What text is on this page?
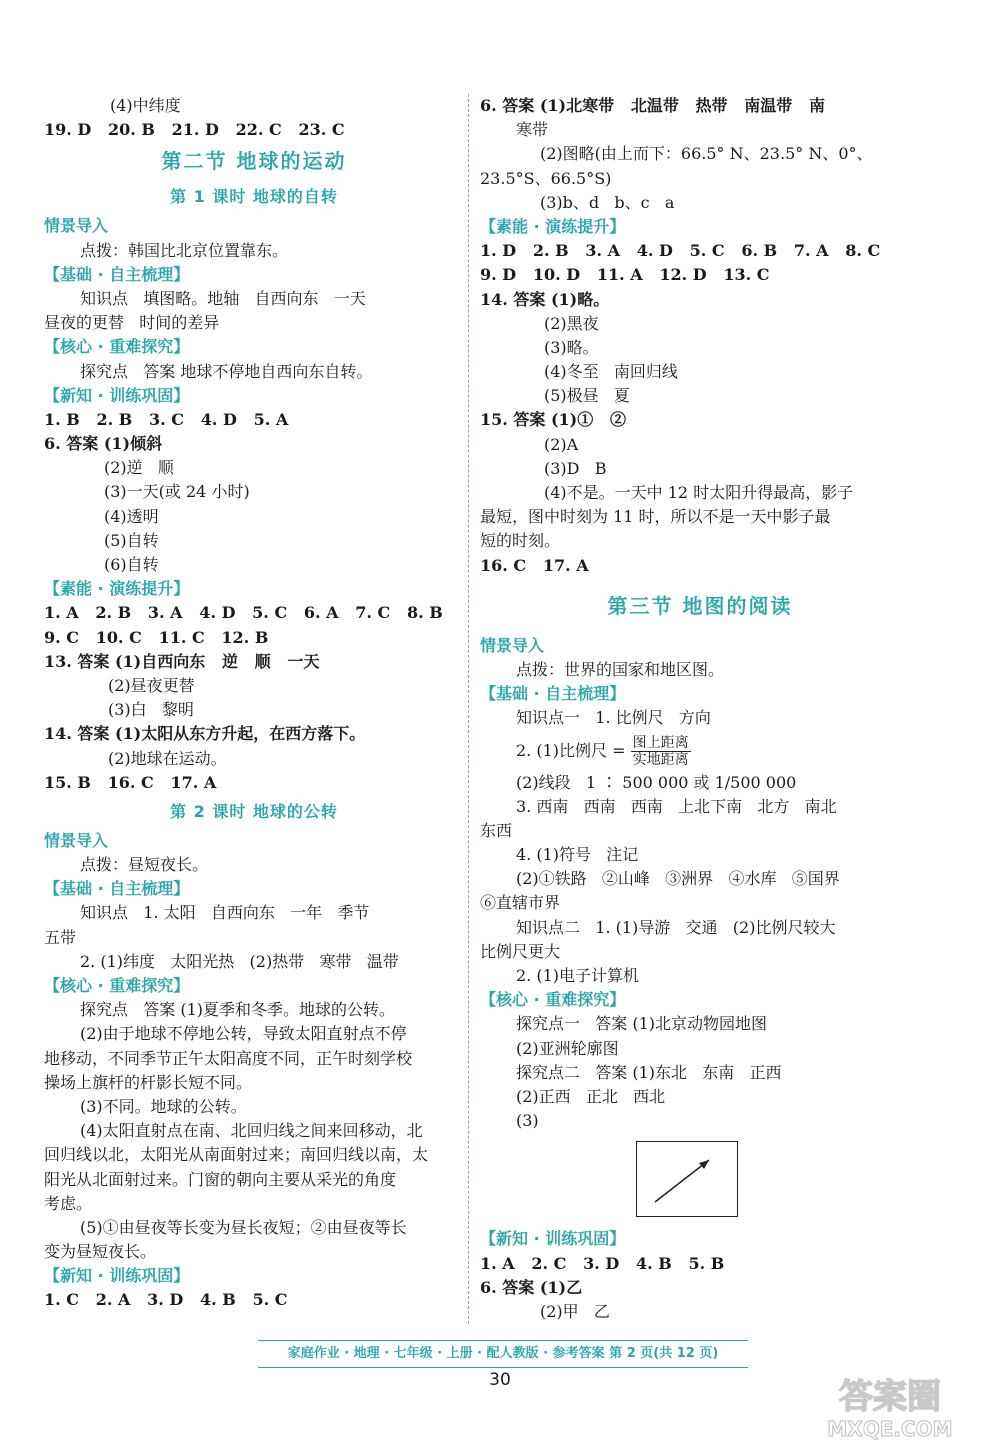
(4)中纬度
19. D   20. B   21. D   22. C   23. C
第二节 地球的运动
第 1 课时 地球的自转
情景导入
点拨：韩国比北京位置靠东。
【基础 · 自主梳理】
知识点   填图略。地轴   自西向东   一天
昼夜的更替   时间的差异
【核心 · 重难探究】
探究点   答案 地球不停地自西向东自转。
【新知 · 训练巩固】
1. B   2. B   3. C   4. D   5. A
6. 答案 (1)倾斜
(2)逆   顺
(3)一天(或 24 小时)
(4)透明
(5)自转
(6)自转
【素能 · 演练提升】
1. A   2. B   3. A   4. D   5. C   6. A   7. C   8. B
9. C   10. C   11. C   12. B
13. 答案 (1)自西向东   逆   顺   一天
(2)昼夜更替
(3)白   黎明
14. 答案 (1)太阳从东方升起，在西方落下。
(2)地球在运动。
15. B   16. C   17. A
第 2 课时 地球的公转
情景导入
点拨：昼短夜长。
【基础 · 自主梳理】
知识点   1. 太阳   自西向东   一年   季节
五带
2. (1)纬度   太阳光热   (2)热带   寒带   温带
【核心 · 重难探究】
探究点   答案 (1)夏季和冬季。地球的公转。
(2)由于地球不停地公转，导致太阳直射点不停
地移动，不同季节正午太阳高度不同，正午时刻学校
操场上旗杆的杆影长短不同。
(3)不同。地球的公转。
(4)太阳直射点在南、北回归线之间来回移动，北
回归线以北，太阳光从南面射过来；南回归线以南，太
阳光从北面射过来。门窗的朝向主要从采光的角度
考虑。
(5)①由昼夜等长变为昼长夜短；②由昼夜等长
变为昼短夜长。
【新知 · 训练巩固】
1. C   2. A   3. D   4. B   5. C
6. 答案 (1)北寒带   北温带   热带   南温带   南
寒带
(2)图略(由上而下：66.5° N、23.5° N、0°、
23.5°S、66.5°S)
(3)b、d   b、c   a
【素能 · 演练提升】
1. D   2. B   3. A   4. D   5. C   6. B   7. A   8. C
9. D   10. D   11. A   12. D   13. C
14. 答案 (1)略。
(2)黑夜
(3)略。
(4)冬至   南回归线
(5)极昼   夏
15. 答案 (1)①   ②
(2)A
(3)D   B
(4)不是。一天中 12 时太阳升得最高，影子
最短，图中时刻为 11 时，所以不是一天中影子最
短的时刻。
16. C   17. A
第三节 地图的阅读
情景导入
点拨：世界的国家和地区图。
【基础 · 自主梳理】
知识点一   1. 比例尺   方向
2. (1)比例尺 = $\frac{\text{图上距离}}{\text{实地距离}}$
(2)线段   1 ∶ 500 000 或 1/500 000
3. 西南   西南   西南   上北下南   北方   南北
东西
4. (1)符号   注记
(2)①铁路   ②山峰   ③洲界   ④水库   ⑤国界
⑥直辖市界
知识点二   1. (1)导游   交通   (2)比例尺较大
比例尺更大
2. (1)电子计算机
【核心 · 重难探究】
探究点一   答案 (1)北京动物园地图
(2)亚洲轮廓图
探究点二   答案 (1)东北   东南   正西
(2)正西   正北   西北
(3)
【新知 · 训练巩固】
1. A   2. C   3. D   4. B   5. B
6. 答案 (1)乙
(2)甲   乙
家庭作业 · 地理 · 七年级 · 上册 · 配人教版 · 参考答案 第 2 页(共 12 页)
30	答案圈
MXQE.COM
